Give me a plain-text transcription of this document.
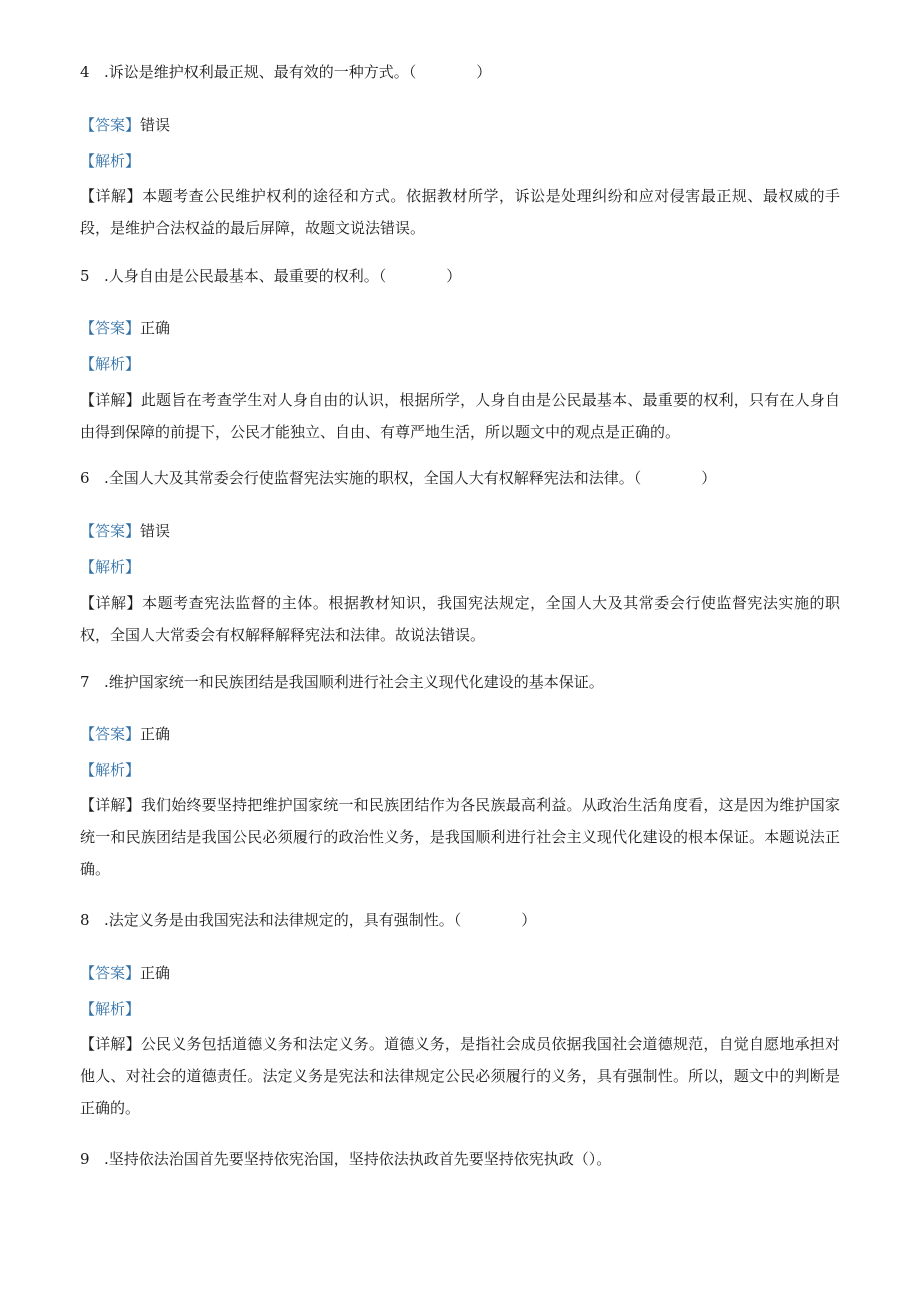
4 .诉讼是维护权利最正规、最有效的一种方式。（　　　　）
【答案】错误
【解析】
【详解】本题考查公民维护权利的途径和方式。依据教材所学，诉讼是处理纠纷和应对侵害最正规、最权威的手段，是维护合法权益的最后屏障，故题文说法错误。
5 .人身自由是公民最基本、最重要的权利。（　　　　）
【答案】正确
【解析】
【详解】此题旨在考查学生对人身自由的认识，根据所学，人身自由是公民最基本、最重要的权利，只有在人身自由得到保障的前提下，公民才能独立、自由、有尊严地生活，所以题文中的观点是正确的。
6 .全国人大及其常委会行使监督宪法实施的职权，全国人大有权解释宪法和法律。（　　　　）
【答案】错误
【解析】
【详解】本题考查宪法监督的主体。根据教材知识，我国宪法规定，全国人大及其常委会行使监督宪法实施的职权，全国人大常委会有权解释解释宪法和法律。故说法错误。
7 .维护国家统一和民族团结是我国顺利进行社会主义现代化建设的基本保证。
【答案】正确
【解析】
【详解】我们始终要坚持把维护国家统一和民族团结作为各民族最高利益。从政治生活角度看，这是因为维护国家统一和民族团结是我国公民必须履行的政治性义务，是我国顺利进行社会主义现代化建设的根本保证。本题说法正确。
8 .法定义务是由我国宪法和法律规定的，具有强制性。（　　　　）
【答案】正确
【解析】
【详解】公民义务包括道德义务和法定义务。道德义务，是指社会成员依据我国社会道德规范，自觉自愿地承担对他人、对社会的道德责任。法定义务是宪法和法律规定公民必须履行的义务，具有强制性。所以，题文中的判断是正确的。
9 .坚持依法治国首先要坚持依宪治国，坚持依法执政首先要坚持依宪执政（）。
